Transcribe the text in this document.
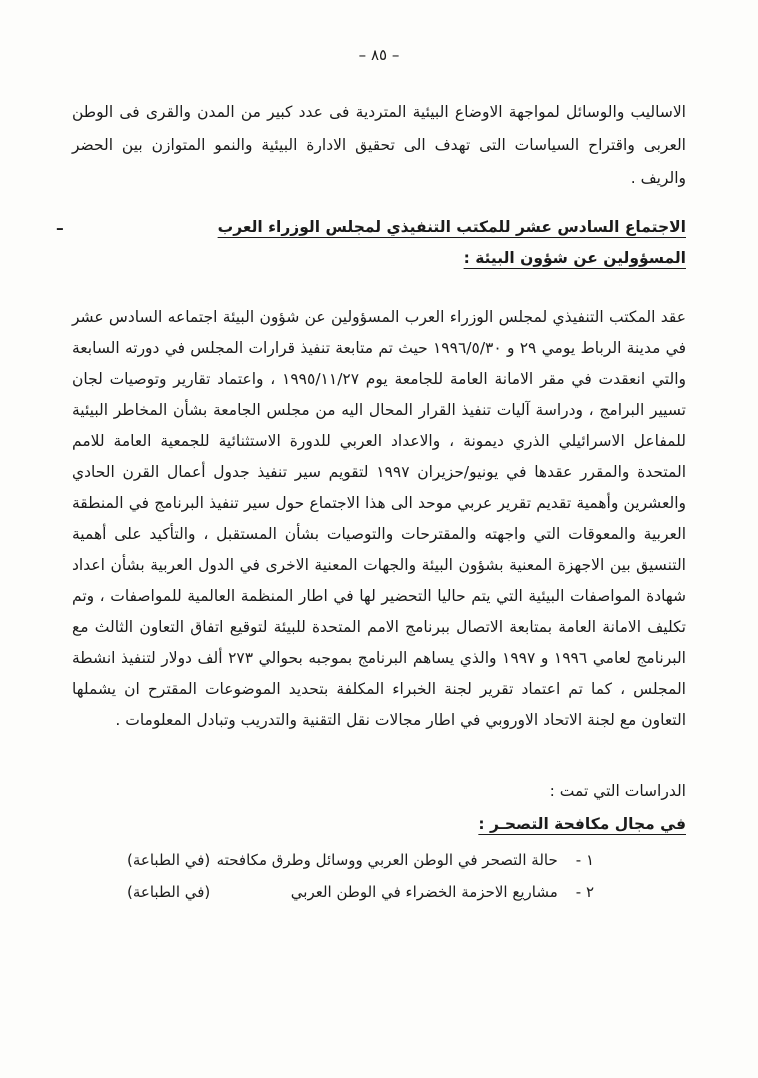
– ٨٥ –

الاساليب والوسائل لمواجهة الاوضاع البيئية المتردية فى عدد كبير من المدن والقرى فى الوطن العربى واقتراح السياسات التى تهدف الى تحقيق الادارة البيئية والنمو المتوازن بين الحضر والريف .

–	الاجتماع السادس عشر للمكتب التنفيذي لمجلس الوزراء العرب
المسؤولين عن شؤون البيئة :

عقد المكتب التنفيذي لمجلس الوزراء العرب المسؤولين عن شؤون البيئة اجتماعه السادس عشر في مدينة الرباط يومي ٢٩ و ١٩٩٦/٥/٣٠ حيث تم متابعة تنفيذ قرارات المجلس في دورته السابعة والتي انعقدت في مقر الامانة العامة للجامعة يوم ١٩٩٥/١١/٢٧ ، واعتماد تقارير وتوصيات لجان تسيير البرامج ، ودراسة آليات تنفيذ القرار المحال اليه من مجلس الجامعة بشأن المخاطر البيئية للمفاعل الاسرائيلي الذري ديمونة ، والاعداد العربي للدورة الاستثنائية للجمعية العامة للامم المتحدة والمقرر عقدها في يونيو/حزيران ١٩٩٧ لتقويم سير تنفيذ جدول أعمال القرن الحادي والعشرين وأهمية تقديم تقرير عربي موحد الى هذا الاجتماع حول سير تنفيذ البرنامج في المنطقة العربية والمعوقات التي واجهته والمقترحات والتوصيات بشأن المستقبل ، والتأكيد على أهمية التنسيق بين الاجهزة المعنية بشؤون البيئة والجهات المعنية الاخرى في الدول العربية بشأن اعداد شهادة المواصفات البيئية التي يتم حاليا التحضير لها في اطار المنظمة العالمية للمواصفات ، وتم تكليف الامانة العامة بمتابعة الاتصال ببرنامج الامم المتحدة للبيئة لتوقيع اتفاق التعاون الثالث مع البرنامج لعامي ١٩٩٦ و ١٩٩٧ والذي يساهم البرنامج بموجبه بحوالي ٢٧٣ ألف دولار لتنفيذ انشطة المجلس ، كما تم اعتماد تقرير لجنة الخبراء المكلفة بتحديد الموضوعات المقترح ان يشملها التعاون مع لجنة الاتحاد الاوروبي في اطار مجالات نقل التقنية والتدريب وتبادل المعلومات .

الدراسات التي تمت :

في مجال مكافحة التصحـر :

١ -
حالة التصحر في الوطن العربي ووسائل وطرق مكافحته
(في الطباعة)
٢ -
مشاريع الاحزمة الخضراء في الوطن العربي
(في الطباعة)
